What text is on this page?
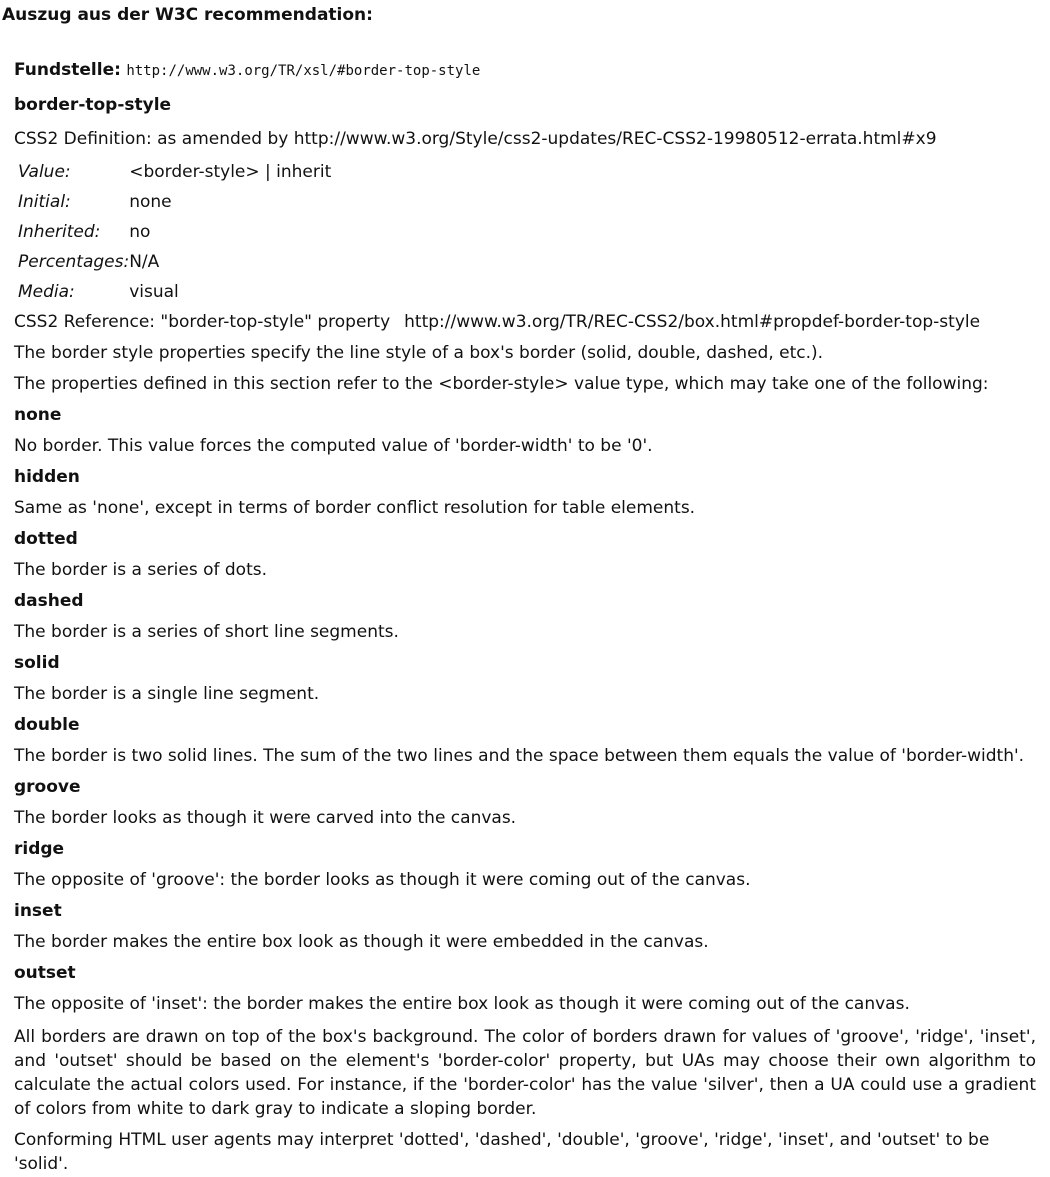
Auszug aus der W3C recommendation:
Fundstelle: http://www.w3.org/TR/xsl/#border-top-style
border-top-style
CSS2 Definition: as amended by http://www.w3.org/Style/css2-updates/REC-CSS2-19980512-errata.html#x9
Value:	<border-style> | inherit
Initial:	none
Inherited:	no
Percentages:	N/A
Media:	visual
CSS2 Reference: "border-top-style" property http://www.w3.org/TR/REC-CSS2/box.html#propdef-border-top-style
The border style properties specify the line style of a box's border (solid, double, dashed, etc.).
The properties defined in this section refer to the <border-style> value type, which may take one of the following:
none
No border. This value forces the computed value of 'border-width' to be '0'.
hidden
Same as 'none', except in terms of border conflict resolution for table elements.
dotted
The border is a series of dots.
dashed
The border is a series of short line segments.
solid
The border is a single line segment.
double
The border is two solid lines. The sum of the two lines and the space between them equals the value of 'border-width'.
groove
The border looks as though it were carved into the canvas.
ridge
The opposite of 'groove': the border looks as though it were coming out of the canvas.
inset
The border makes the entire box look as though it were embedded in the canvas.
outset
The opposite of 'inset': the border makes the entire box look as though it were coming out of the canvas.
All borders are drawn on top of the box's background. The color of borders drawn for values of 'groove', 'ridge', 'inset', and 'outset' should be based on the element's 'border-color' property, but UAs may choose their own algorithm to calculate the actual colors used. For instance, if the 'border-color' has the value 'silver', then a UA could use a gradient of colors from white to dark gray to indicate a sloping border.
Conforming HTML user agents may interpret 'dotted', 'dashed', 'double', 'groove', 'ridge', 'inset', and 'outset' to be 'solid'.
